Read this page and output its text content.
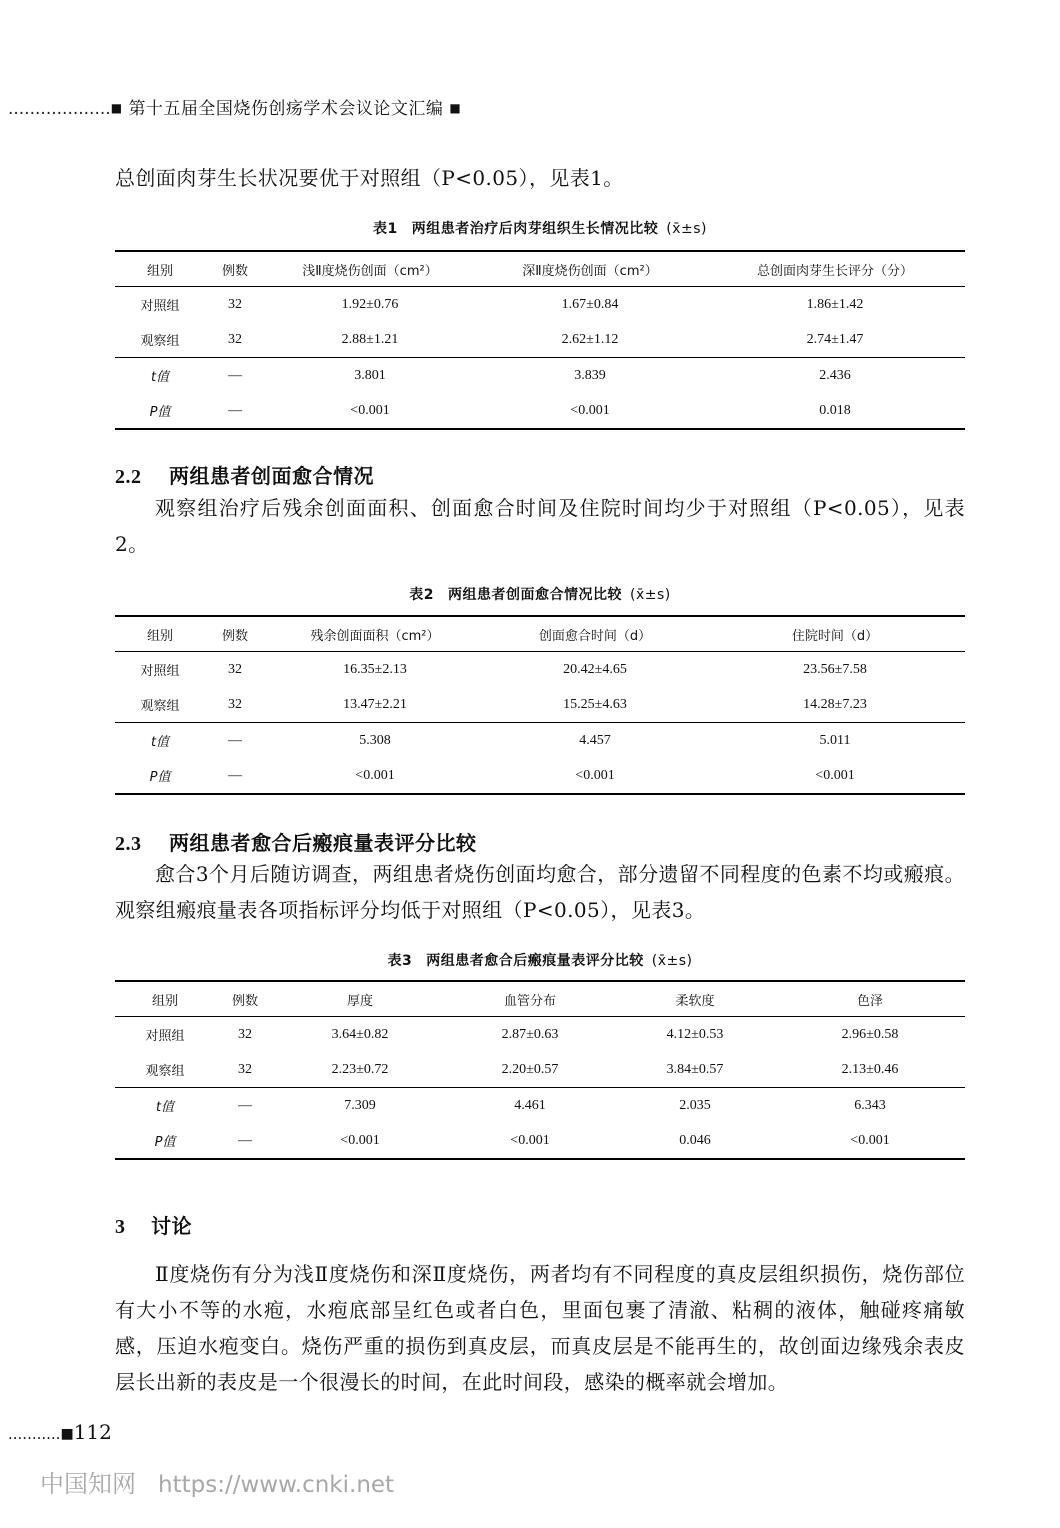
...................■ 第十五届全国烧伤创疡学术会议论文汇编 ■

总创面肉芽生长状况要优于对照组（P<0.05），见表1。

表1 两组患者治疗后肉芽组织生长情况比较 (x̄±s)
组别	例数	浅Ⅱ度烧伤创面（cm²）	深Ⅱ度烧伤创面（cm²）	总创面肉芽生长评分（分）
对照组	32	1.92±0.76	1.67±0.84	1.86±1.42
观察组	32	2.88±1.21	2.62±1.12	2.74±1.47
t值	—	3.801	3.839	2.436
P值	—	<0.001	<0.001	0.018
2.2 两组患者创面愈合情况

观察组治疗后残余创面面积、创面愈合时间及住院时间均少于对照组（P<0.05），见表2。

表2 两组患者创面愈合情况比较 (x̄±s)
组别	例数	残余创面面积（cm²）	创面愈合时间（d）	住院时间（d）
对照组	32	16.35±2.13	20.42±4.65	23.56±7.58
观察组	32	13.47±2.21	15.25±4.63	14.28±7.23
t值	—	5.308	4.457	5.011
P值	—	<0.001	<0.001	<0.001
2.3 两组患者愈合后瘢痕量表评分比较

愈合3个月后随访调查，两组患者烧伤创面均愈合，部分遗留不同程度的色素不均或瘢痕。观察组瘢痕量表各项指标评分均低于对照组（P<0.05），见表3。

表3 两组患者愈合后瘢痕量表评分比较 (x̄±s)
组别	例数	厚度	血管分布	柔软度	色泽
对照组	32	3.64±0.82	2.87±0.63	4.12±0.53	2.96±0.58
观察组	32	2.23±0.72	2.20±0.57	3.84±0.57	2.13±0.46
t值	—	7.309	4.461	2.035	6.343
P值	—	<0.001	<0.001	0.046	<0.001
3 讨论

Ⅱ度烧伤有分为浅Ⅱ度烧伤和深Ⅱ度烧伤，两者均有不同程度的真皮层组织损伤，烧伤部位有大小不等的水疱，水疱底部呈红色或者白色，里面包裹了清澈、粘稠的液体，触碰疼痛敏感，压迫水疱变白。烧伤严重的损伤到真皮层，而真皮层是不能再生的，故创面边缘残余表皮层长出新的表皮是一个很漫长的时间，在此时间段，感染的概率就会增加。

...........■112
中国知网 https://www.cnki.net
